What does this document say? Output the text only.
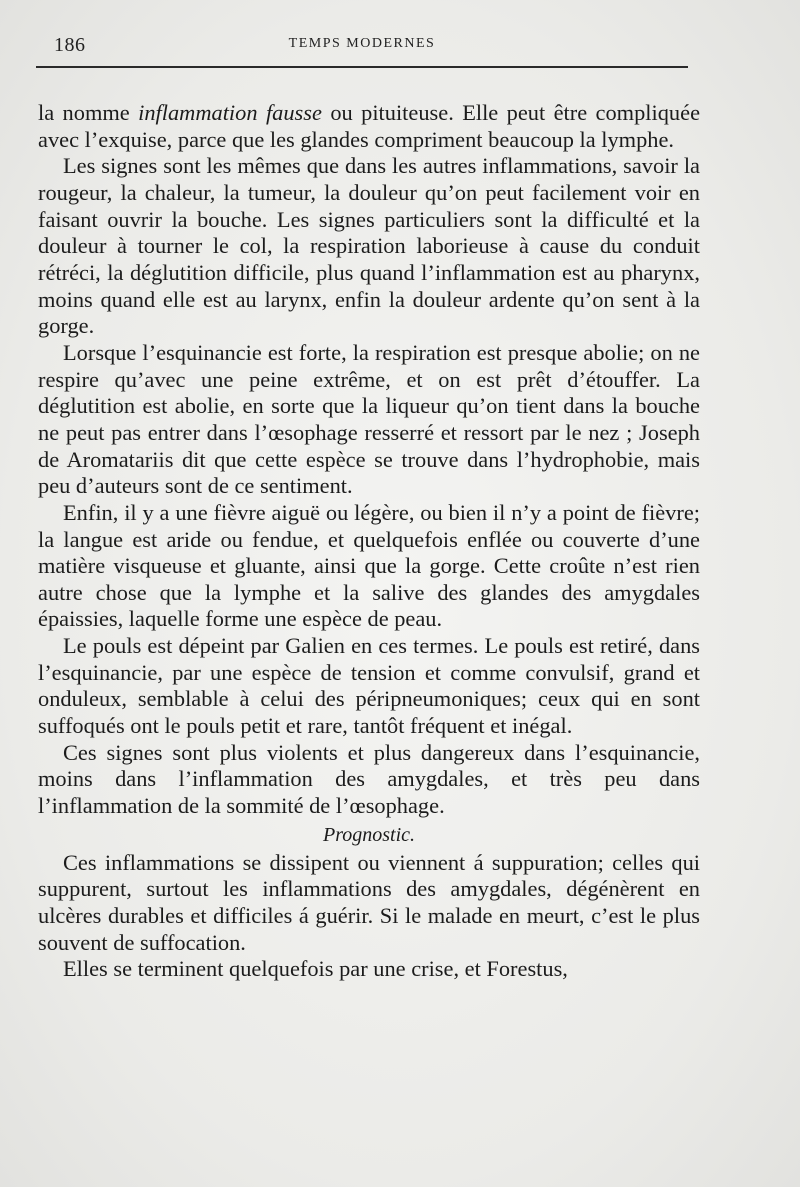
186	TEMPS MODERNES

la nomme inflammation fausse ou pituiteuse. Elle peut être compliquée avec l’exquise, parce que les glandes compriment beaucoup la lymphe.

Les signes sont les mêmes que dans les autres inflammations, savoir la rougeur, la chaleur, la tumeur, la douleur qu’on peut facilement voir en faisant ouvrir la bouche. Les signes particuliers sont la difficulté et la douleur à tourner le col, la respiration laborieuse à cause du conduit rétréci, la déglutition difficile, plus quand l’inflammation est au pharynx, moins quand elle est au larynx, enfin la douleur ardente qu’on sent à la gorge.

Lorsque l’esquinancie est forte, la respiration est presque abolie; on ne respire qu’avec une peine extrême, et on est prêt d’étouffer. La déglutition est abolie, en sorte que la liqueur qu’on tient dans la bouche ne peut pas entrer dans l’œsophage resserré et ressort par le nez ; Joseph de Aromatariis dit que cette espèce se trouve dans l’hydrophobie, mais peu d’auteurs sont de ce sentiment.

Enfin, il y a une fièvre aiguë ou légère, ou bien il n’y a point de fièvre; la langue est aride ou fendue, et quelquefois enflée ou couverte d’une matière visqueuse et gluante, ainsi que la gorge. Cette croûte n’est rien autre chose que la lymphe et la salive des glandes des amygdales épaissies, laquelle forme une espèce de peau.

Le pouls est dépeint par Galien en ces termes. Le pouls est retiré, dans l’esquinancie, par une espèce de tension et comme convulsif, grand et onduleux, semblable à celui des péripneumoniques; ceux qui en sont suffoqués ont le pouls petit et rare, tantôt fréquent et inégal.

Ces signes sont plus violents et plus dangereux dans l’esquinancie, moins dans l’inflammation des amygdales, et très peu dans l’inflammation de la sommité de l’œsophage.

Prognostic.

Ces inflammations se dissipent ou viennent á suppuration; celles qui suppurent, surtout les inflammations des amygdales, dégénèrent en ulcères durables et difficiles á guérir. Si le malade en meurt, c’est le plus souvent de suffocation.

Elles se terminent quelquefois par une crise, et Forestus,
